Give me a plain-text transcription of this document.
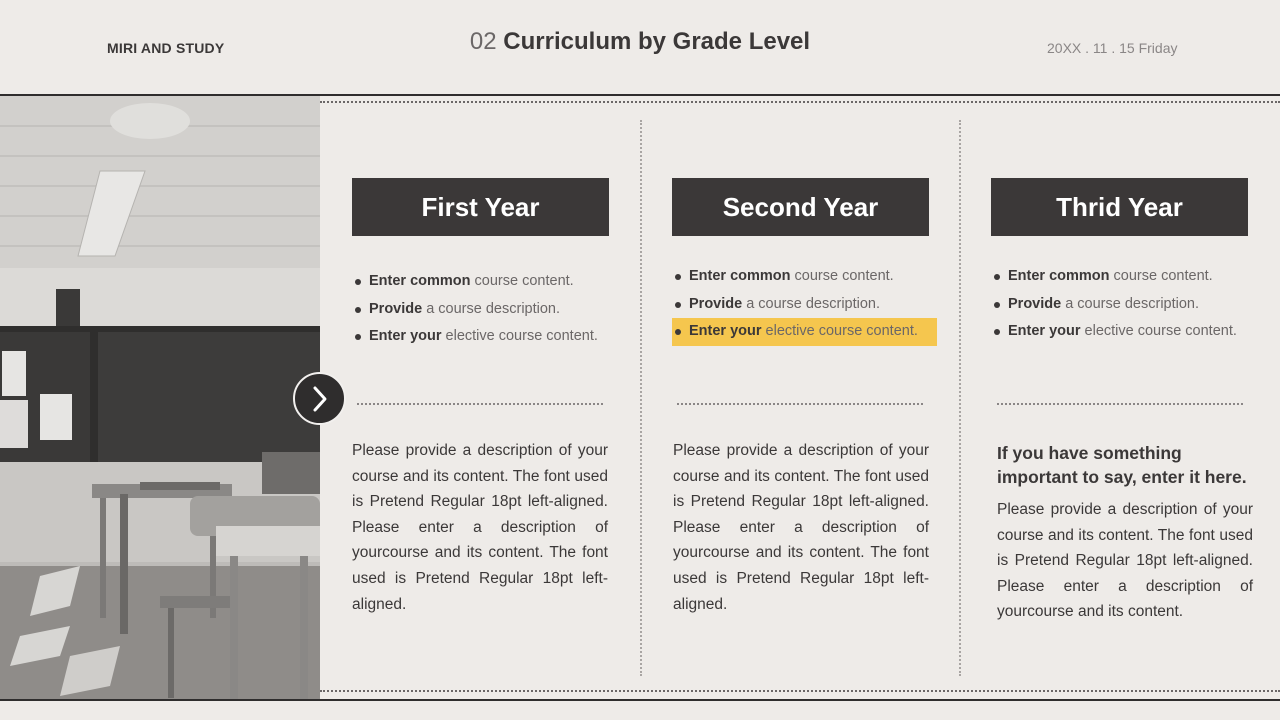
MIRI AND STUDY	02 Curriculum by Grade Level	20XX . 11 . 15 Friday
First Year
Enter common course content.
Provide a course description.
Enter your elective course content.

Please provide a description of your course and its content. The font used is Pretend Regular 18pt left-aligned. Please enter a description of yourcourse and its content. The font used is Pretend Regular 18pt left- aligned.

Second Year
Enter common course content.
Provide a course description.
Enter your elective course content.

Please provide a description of your course and its content. The font used is Pretend Regular 18pt left-aligned. Please enter a description of yourcourse and its content. The font used is Pretend Regular 18pt left- aligned.

Thrid Year
Enter common course content.
Provide a course description.
Enter your elective course content.

If you have something important to say, enter it here.

Please provide a description of your course and its content. The font used is Pretend Regular 18pt left-aligned. Please enter a description of yourcourse and its content.
